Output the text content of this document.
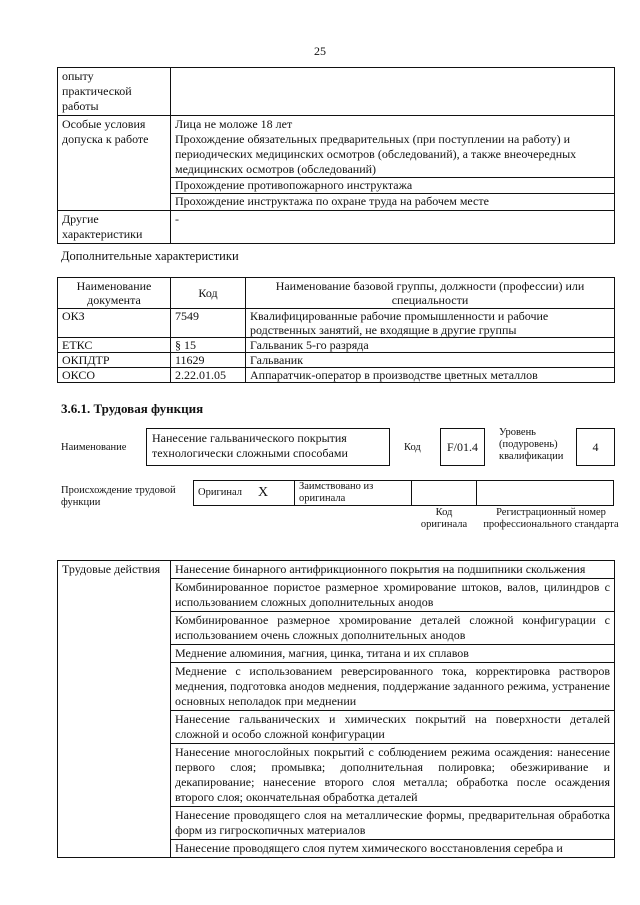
25
опыту практической работы	
Особые условия допуска к работе	Лица не моложе 18 лет
Прохождение обязательных предварительных (при поступлении на работу) и периодических медицинских осмотров (обследований), а также внеочередных медицинских осмотров (обследований)
Прохождение противопожарного инструктажа
Прохождение инструктажа по охране труда на рабочем месте

Другие характеристики	-
Дополнительные характеристики
Наименование документа	Код	Наименование базовой группы, должности (профессии) или специальности
ОКЗ	7549	Квалифицированные рабочие промышленности и рабочие родственных занятий, не входящие в другие группы
ЕТКС	§ 15	Гальваник 5-го разряда
ОКПДТР	11629	Гальваник
ОКСО	2.22.01.05	Аппаратчик-оператор в производстве цветных металлов
3.6.1. Трудовая функция
Наименование
Нанесение гальванического покрытия технологически сложными способами	Код	F/01.4
Уровень (подуровень) квалификации
4
Происхождение трудовой функции
Оригинал	X	Заимствовано из оригинала		
Код оригинала
Регистрационный номер профессионального стандарта
Трудовые действия	Нанесение бинарного антифрикционного покрытия на подшипники скольжения
Комбинированное пористое размерное хромирование штоков, валов, цилиндров с использованием сложных дополнительных анодов
Комбинированное размерное хромирование деталей сложной конфигурации с использованием очень сложных дополнительных анодов
Меднение алюминия, магния, цинка, титана и их сплавов
Меднение с использованием реверсированного тока, корректировка растворов меднения, подготовка анодов меднения, поддержание заданного режима, устранение основных неполадок при меднении
Нанесение гальванических и химических покрытий на поверхности деталей сложной и особо сложной конфигурации
Нанесение многослойных покрытий с соблюдением режима осаждения: нанесение первого слоя; промывка; дополнительная полировка; обезжиривание и декапирование; нанесение второго слоя металла; обработка после осаждения второго слоя; окончательная обработка деталей
Нанесение проводящего слоя на металлические формы, предварительная обработка форм из гигроскопичных материалов
Нанесение проводящего слоя путем химического восстановления серебра и
